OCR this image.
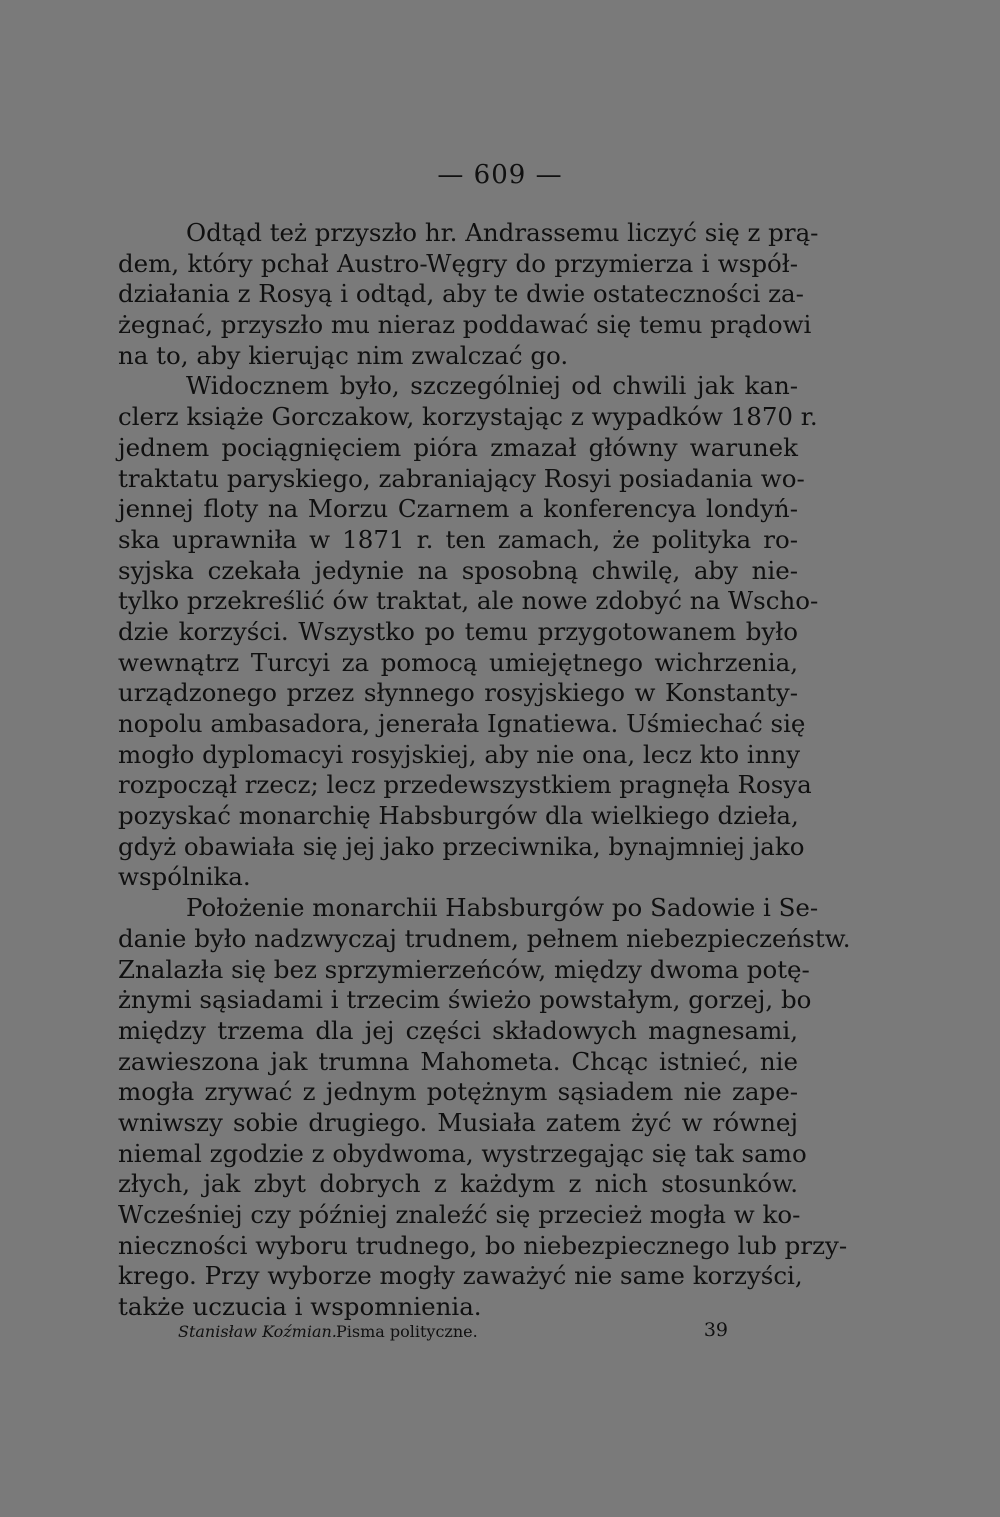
— 609 —
Odtąd też przyszło hr. Andrassemu liczyć się z prą-
dem, który pchał Austro-Węgry do przymierza i współ-
działania z Rosyą i odtąd, aby te dwie ostateczności za-
żegnać, przyszło mu nieraz poddawać się temu prądowi
na to, aby kierując nim zwalczać go.
Widocznem było, szczególniej od chwili jak kan-
clerz książe Gorczakow, korzystając z wypadków 1870 r.
jednem pociągnięciem pióra zmazał główny warunek
traktatu paryskiego, zabraniający Rosyi posiadania wo-
jennej floty na Morzu Czarnem a konferencya londyń-
ska uprawniła w 1871 r. ten zamach, że polityka ro-
syjska czekała jedynie na sposobną chwilę, aby nie-
tylko przekreślić ów traktat, ale nowe zdobyć na Wscho-
dzie korzyści. Wszystko po temu przygotowanem było
wewnątrz Turcyi za pomocą umiejętnego wichrzenia,
urządzonego przez słynnego rosyjskiego w Konstanty-
nopolu ambasadora, jenerała Ignatiewa. Uśmiechać się
mogło dyplomacyi rosyjskiej, aby nie ona, lecz kto inny
rozpoczął rzecz; lecz przedewszystkiem pragnęła Rosya
pozyskać monarchię Habsburgów dla wielkiego dzieła,
gdyż obawiała się jej jako przeciwnika, bynajmniej jako
wspólnika.
Położenie monarchii Habsburgów po Sadowie i Se-
danie było nadzwyczaj trudnem, pełnem niebezpieczeństw.
Znalazła się bez sprzymierzeńców, między dwoma potę-
żnymi sąsiadami i trzecim świeżo powstałym, gorzej, bo
między trzema dla jej części składowych magnesami,
zawieszona jak trumna Mahometa. Chcąc istnieć, nie
mogła zrywać z jednym potężnym sąsiadem nie zape-
wniwszy sobie drugiego. Musiała zatem żyć w równej
niemal zgodzie z obydwoma, wystrzegając się tak samo
złych, jak zbyt dobrych z każdym z nich stosunków.
Wcześniej czy później znaleźć się przecież mogła w ko-
nieczności wyboru trudnego, bo niebezpiecznego lub przy-
krego. Przy wyborze mogły zaważyć nie same korzyści,
także uczucia i wspomnienia.
Stanisław Koźmian. Pisma polityczne.	39
